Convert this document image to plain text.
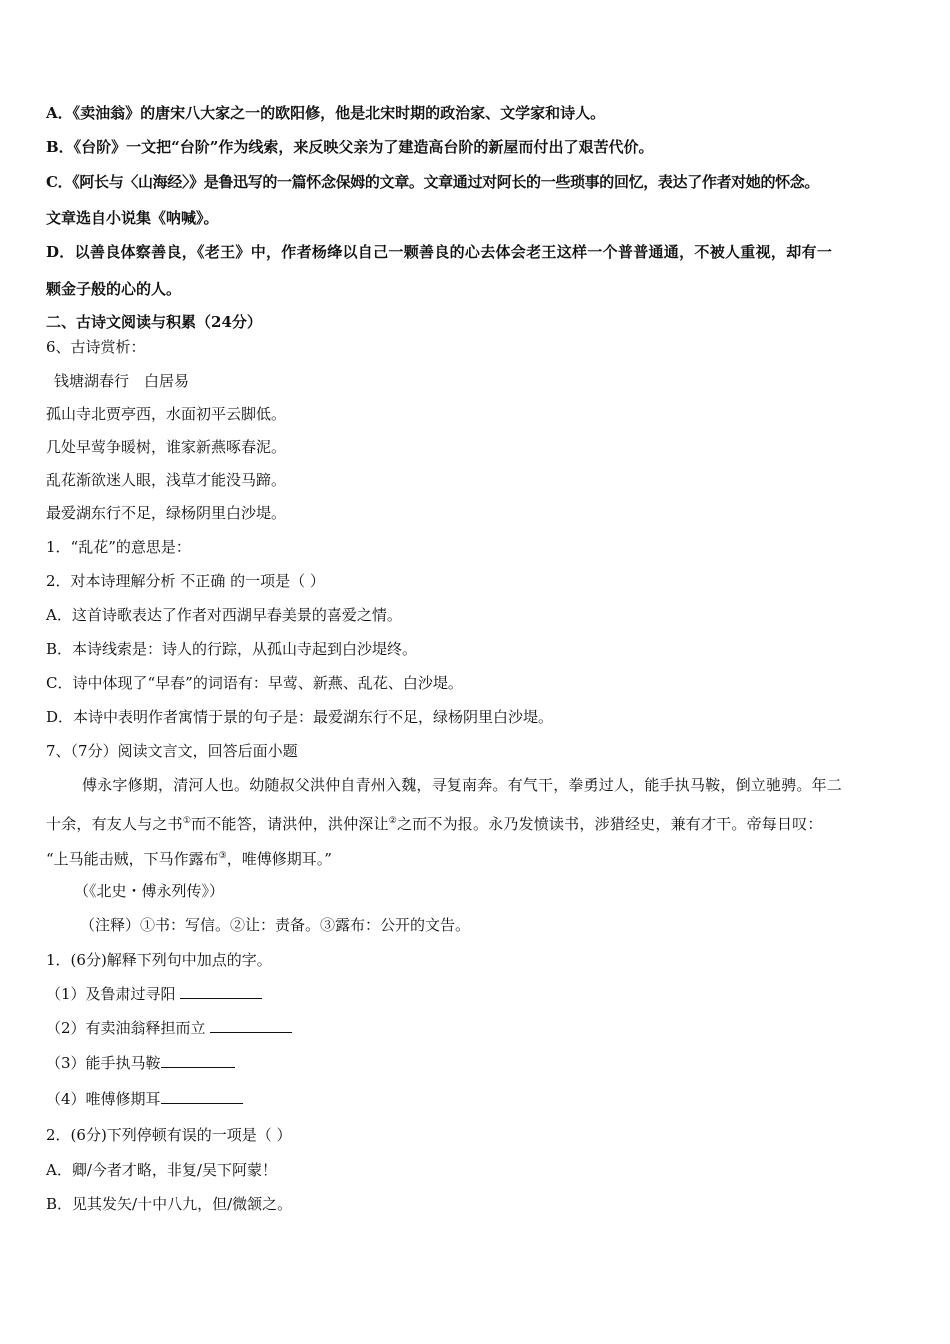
A．《卖油翁》的唐宋八大家之一的欧阳修，他是北宋时期的政治家、文学家和诗人。
B．《台阶》一文把“台阶”作为线索，来反映父亲为了建造高台阶的新屋而付出了艰苦代价。
C．《阿长与〈山海经〉》是鲁迅写的一篇怀念保姆的文章。文章通过对阿长的一些琐事的回忆，表达了作者对她的怀念。
文章选自小说集《呐喊》。
D．以善良体察善良，《老王》中，作者杨绛以自己一颗善良的心去体会老王这样一个普普通通，不被人重视，却有一
颗金子般的心的人。
二、古诗文阅读与积累（24分）
6、古诗赏析：
钱塘湖春行　白居易
孤山寺北贾亭西，水面初平云脚低。
几处早莺争暖树，谁家新燕啄春泥。
乱花渐欲迷人眼，浅草才能没马蹄。
最爱湖东行不足，绿杨阴里白沙堤。
1．“乱花”的意思是：
2．对本诗理解分析 不正确 的一项是（ ）
A．这首诗歌表达了作者对西湖早春美景的喜爱之情。
B．本诗线索是：诗人的行踪，从孤山寺起到白沙堤终。
C．诗中体现了“早春”的词语有：早莺、新燕、乱花、白沙堤。
D．本诗中表明作者寓情于景的句子是：最爱湖东行不足，绿杨阴里白沙堤。
7、（7分）阅读文言文，回答后面小题
傅永字修期，清河人也。幼随叔父洪仲自青州入魏，寻复南奔。有气干，拳勇过人，能手执马鞍，倒立驰骋。年二
十余，有友人与之书①而不能答，请洪仲，洪仲深让②之而不为报。永乃发愤读书，涉猎经史，兼有才干。帝每日叹：
“上马能击贼，下马作露布③，唯傅修期耳。”
（《北史・傅永列传》）
（注释）①书：写信。②让：责备。③露布：公开的文告。
1．(6分)解释下列句中加点的字。
（1）及鲁肃过寻阳
（2）有卖油翁释担而立
（3）能手执马鞍
（4）唯傅修期耳
2．(6分)下列停顿有误的一项是（ ）
A．卿/今者才略，非复/吴下阿蒙！
B．见其发矢/十中八九，但/微颔之。
